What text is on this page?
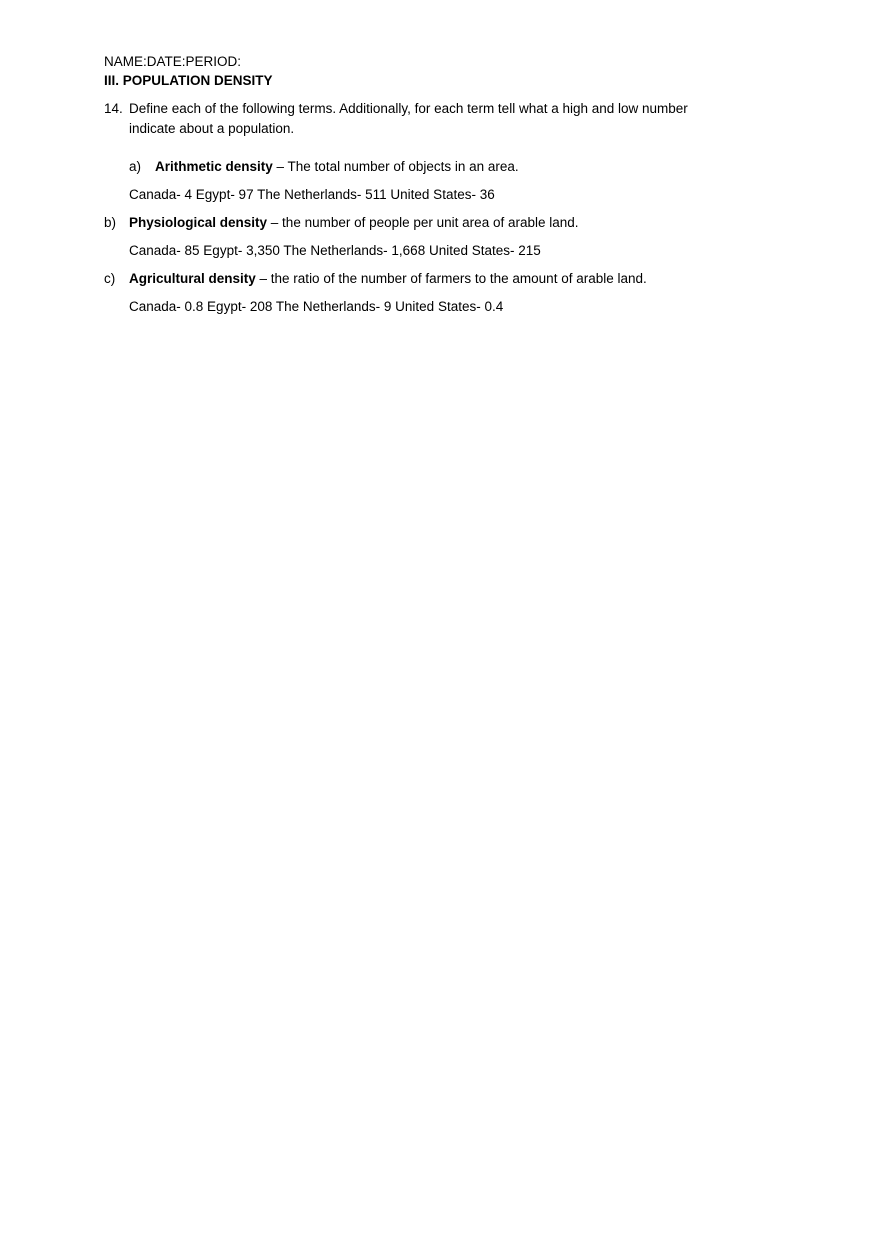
NAME:DATE:PERIOD:
III. POPULATION DENSITY
14. Define each of the following terms. Additionally, for each term tell what a high and low number
indicate about a population.
a) Arithmetic density – The total number of objects in an area.
Canada- 4 Egypt- 97 The Netherlands- 511 United States- 36
b) Physiological density – the number of people per unit area of arable land.
Canada- 85 Egypt- 3,350 The Netherlands- 1,668 United States- 215
c) Agricultural density – the ratio of the number of farmers to the amount of arable land.
Canada- 0.8 Egypt- 208 The Netherlands- 9 United States- 0.4
